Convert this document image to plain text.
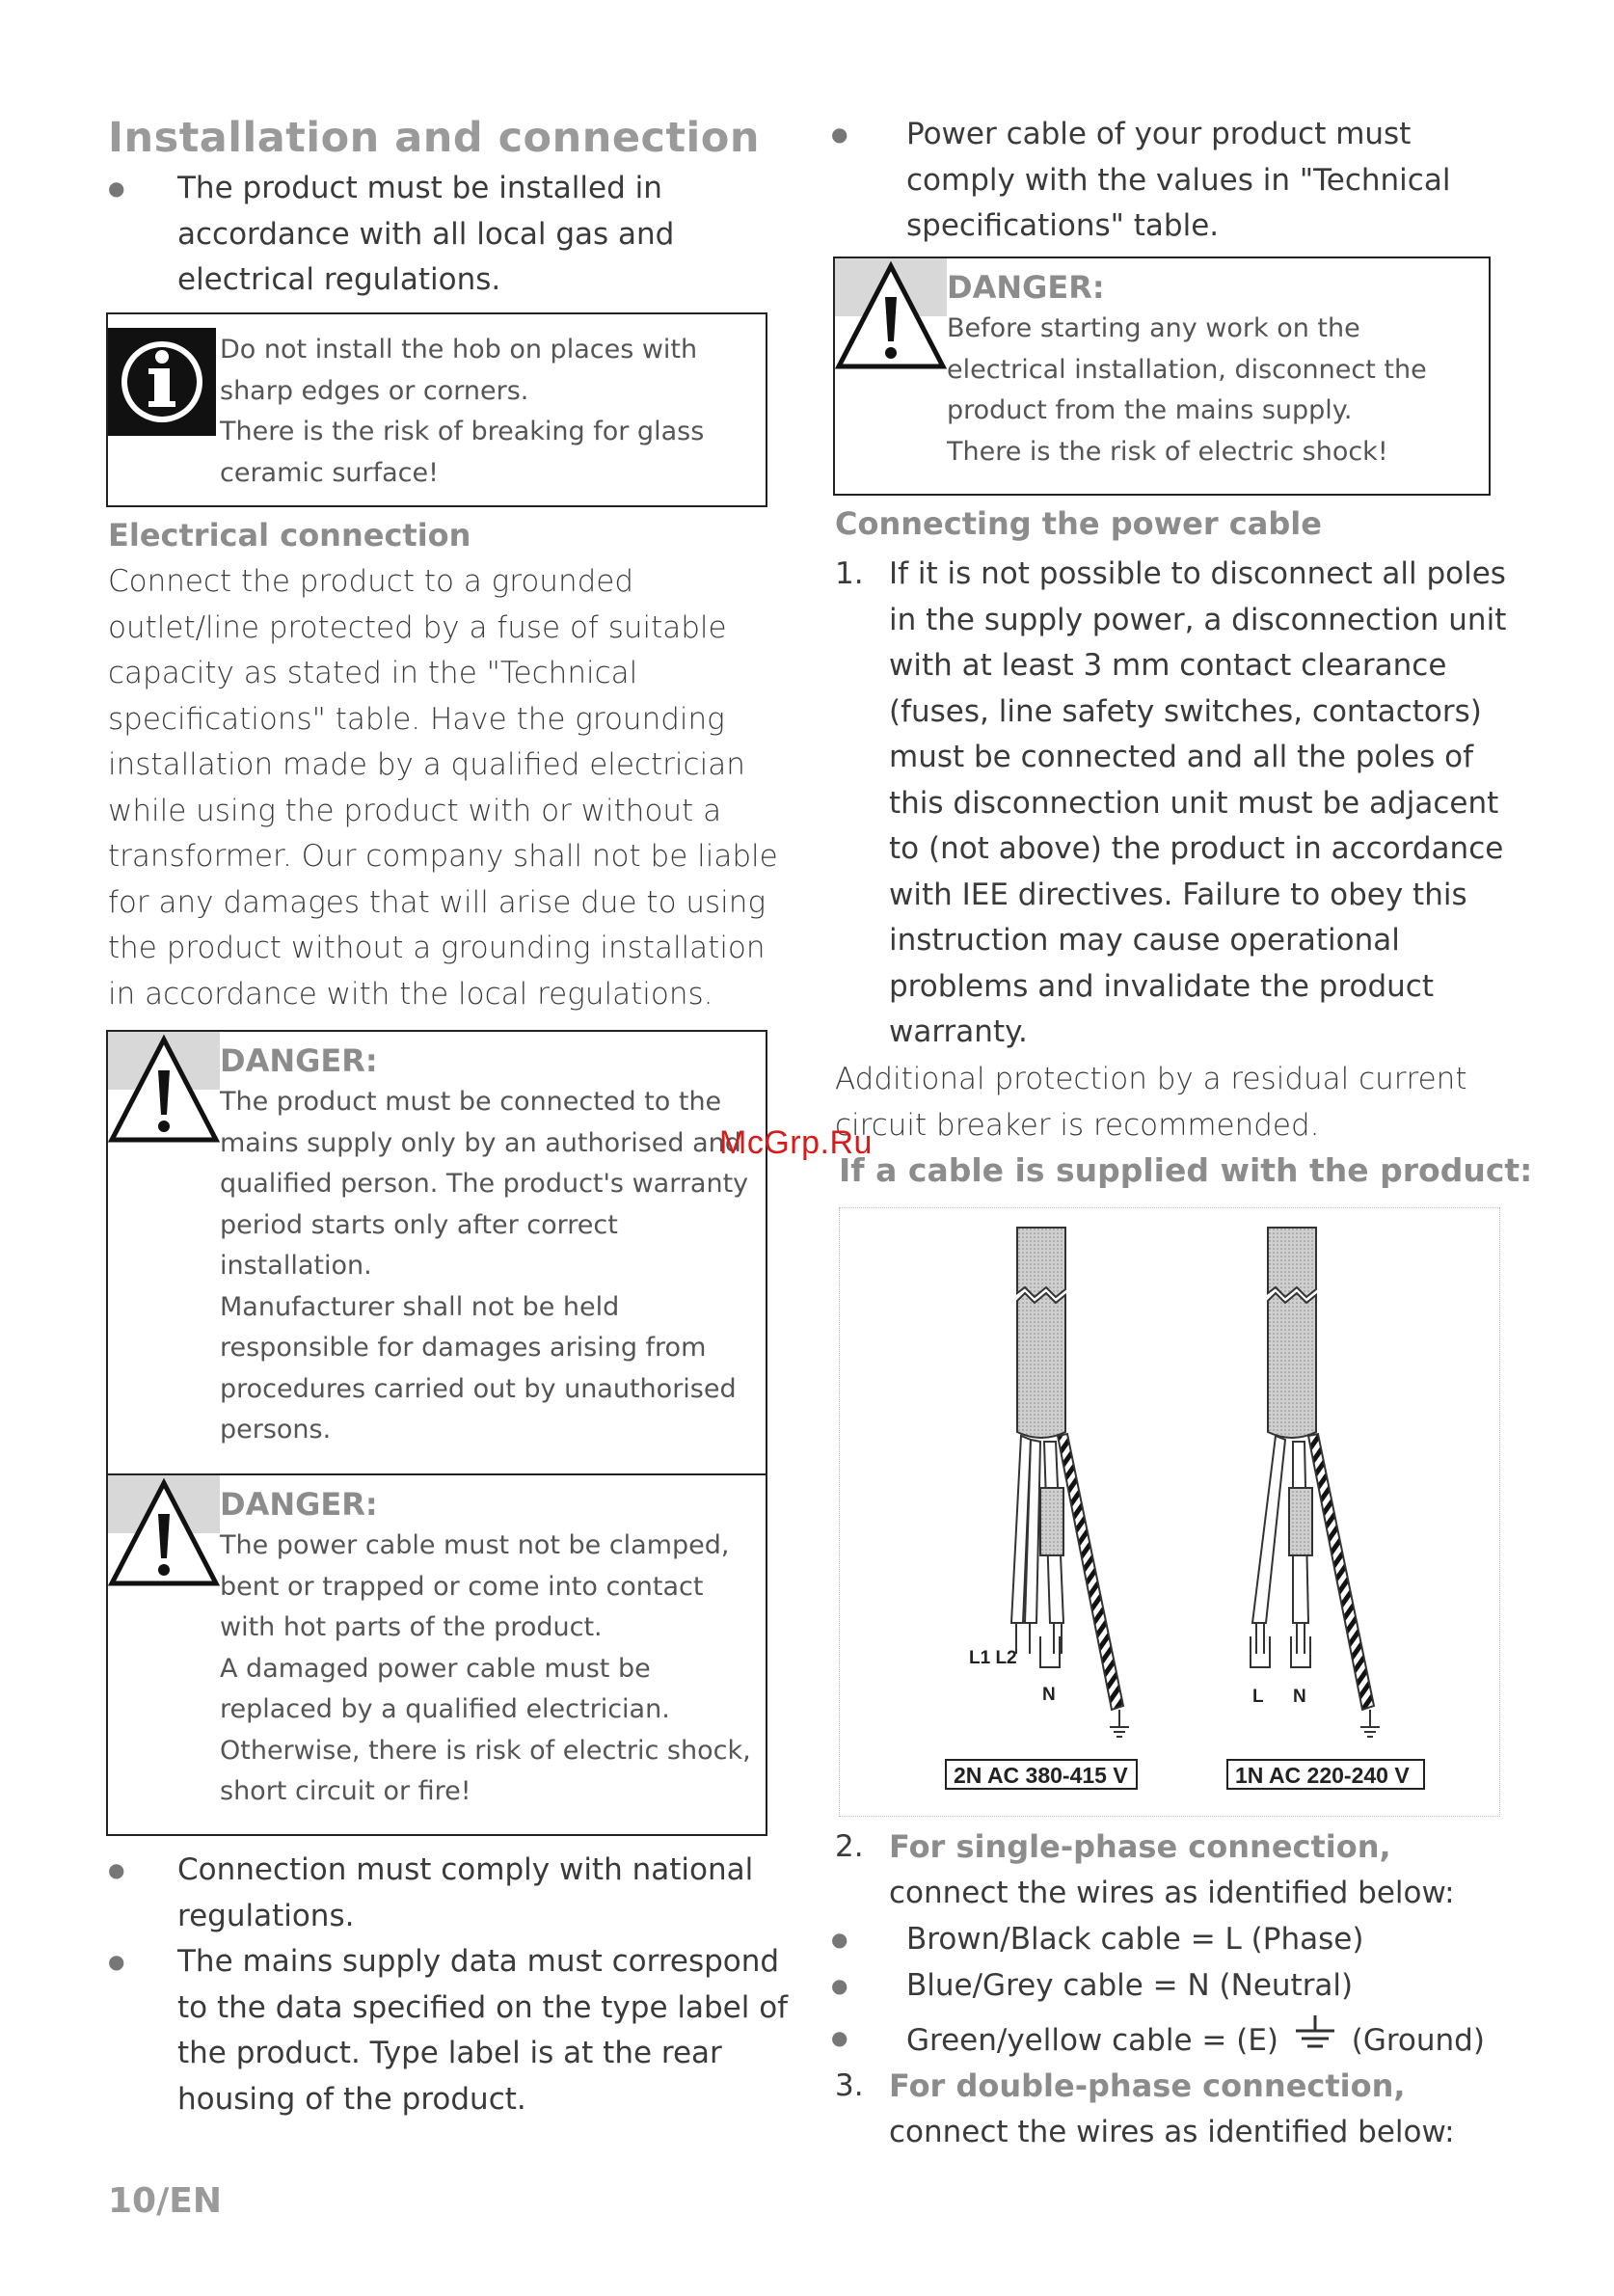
Installation and connection
● The product must be installed in
accordance with all local gas and
electrical regulations.
Do not install the hob on places with
sharp edges or corners.
There is the risk of breaking for glass
ceramic surface!
Electrical connection
Connect the product to a grounded
outlet/line protected by a fuse of suitable
capacity as stated in the "Technical
specifications" table. Have the grounding
installation made by a qualified electrician
while using the product with or without a
transformer. Our company shall not be liable
for any damages that will arise due to using
the product without a grounding installation
in accordance with the local regulations.
DANGER:
The product must be connected to the
mains supply only by an authorised and
qualified person. The product's warranty
period starts only after correct
installation.
Manufacturer shall not be held
responsible for damages arising from
procedures carried out by unauthorised
persons.
DANGER:
The power cable must not be clamped,
bent or trapped or come into contact
with hot parts of the product.
A damaged power cable must be
replaced by a qualified electrician.
Otherwise, there is risk of electric shock,
short circuit or fire!
● Connection must comply with national
regulations.
● The mains supply data must correspond
to the data specified on the type label of
the product. Type label is at the rear
housing of the product.
● Power cable of your product must
comply with the values in "Technical
specifications" table.
DANGER:
Before starting any work on the
electrical installation, disconnect the
product from the mains supply.
There is the risk of electric shock!
Connecting the power cable
1. If it is not possible to disconnect all poles
in the supply power, a disconnection unit
with at least 3 mm contact clearance
(fuses, line safety switches, contactors)
must be connected and all the poles of
this disconnection unit must be adjacent
to (not above) the product in accordance
with IEE directives. Failure to obey this
instruction may cause operational
problems and invalidate the product
warranty.
Additional protection by a residual current
circuit breaker is recommended.
McGrp.Ru
If a cable is supplied with the product:
L1 L2
N
2N AC 380-415 V
L N
1N AC 220-240 V
2. For single-phase connection,
connect the wires as identified below:
● Brown/Black cable = L (Phase)
● Blue/Grey cable = N (Neutral)
● Green/yellow cable = (E) (Ground)
3. For double-phase connection,
connect the wires as identified below:
10/EN
